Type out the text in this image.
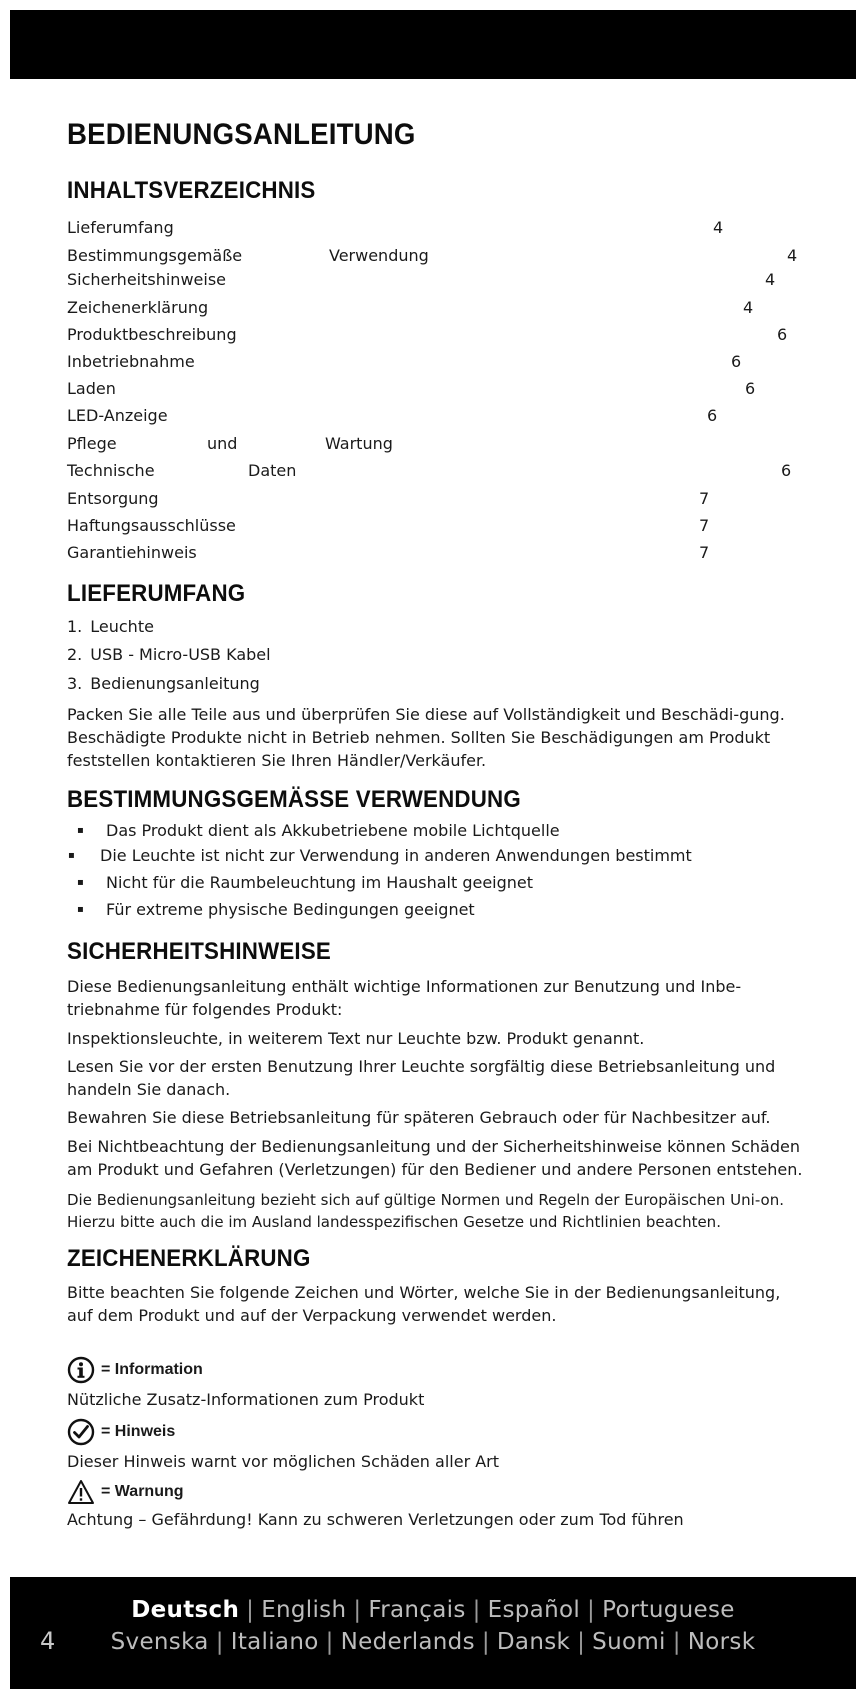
BEDIENUNGSANLEITUNG
INHALTSVERZEICHNIS
Lieferumfang	4
Bestimmungsgemäße	Verwendung	4
Sicherheitshinweise	4
Zeichenerklärung	4
Produktbeschreibung	6
Inbetriebnahme	6
Laden	6
LED-Anzeige	6
Pflege	und	Wartung
Technische	Daten	6
Entsorgung	7
Haftungsausschlüsse	7
Garantiehinweis	7
LIEFERUMFANG
1. Leuchte
2. USB - Micro-USB Kabel
3. Bedienungsanleitung

Packen Sie alle Teile aus und überprüfen Sie diese auf Vollständigkeit und Beschädi-gung. Beschädigte Produkte nicht in Betrieb nehmen. Sollten Sie Beschädigungen am Produkt feststellen kontaktieren Sie Ihren Händler/Verkäufer.

BESTIMMUNGSGEMÄSSE VERWENDUNG
▪ Das Produkt dient als Akkubetriebene mobile Lichtquelle
▪ Die Leuchte ist nicht zur Verwendung in anderen Anwendungen bestimmt
▪ Nicht für die Raumbeleuchtung im Haushalt geeignet
▪ Für extreme physische Bedingungen geeignet
SICHERHEITSHINWEISE

Diese Bedienungsanleitung enthält wichtige Informationen zur Benutzung und Inbe-triebnahme für folgendes Produkt:

Inspektionsleuchte, in weiterem Text nur Leuchte bzw. Produkt genannt.

Lesen Sie vor der ersten Benutzung Ihrer Leuchte sorgfältig diese Betriebsanleitung und handeln Sie danach.

Bewahren Sie diese Betriebsanleitung für späteren Gebrauch oder für Nachbesitzer auf.

Bei Nichtbeachtung der Bedienungsanleitung und der Sicherheitshinweise können Schäden am Produkt und Gefahren (Verletzungen) für den Bediener und andere Personen entstehen.

Die Bedienungsanleitung bezieht sich auf gültige Normen und Regeln der Europäischen Uni-on. Hierzu bitte auch die im Ausland landesspezifischen Gesetze und Richtlinien beachten.

ZEICHENERKLÄRUNG

Bitte beachten Sie folgende Zeichen und Wörter, welche Sie in der Bedienungsanleitung, auf dem Produkt und auf der Verpackung verwendet werden.

= Information

Nützliche Zusatz-Informationen zum Produkt

= Hinweis

Dieser Hinweis warnt vor möglichen Schäden aller Art

= Warnung

Achtung – Gefährdung! Kann zu schweren Verletzungen oder zum Tod führen

4
Deutsch | English | Français | Español | Portuguese
Svenska | Italiano | Nederlands | Dansk | Suomi | Norsk
